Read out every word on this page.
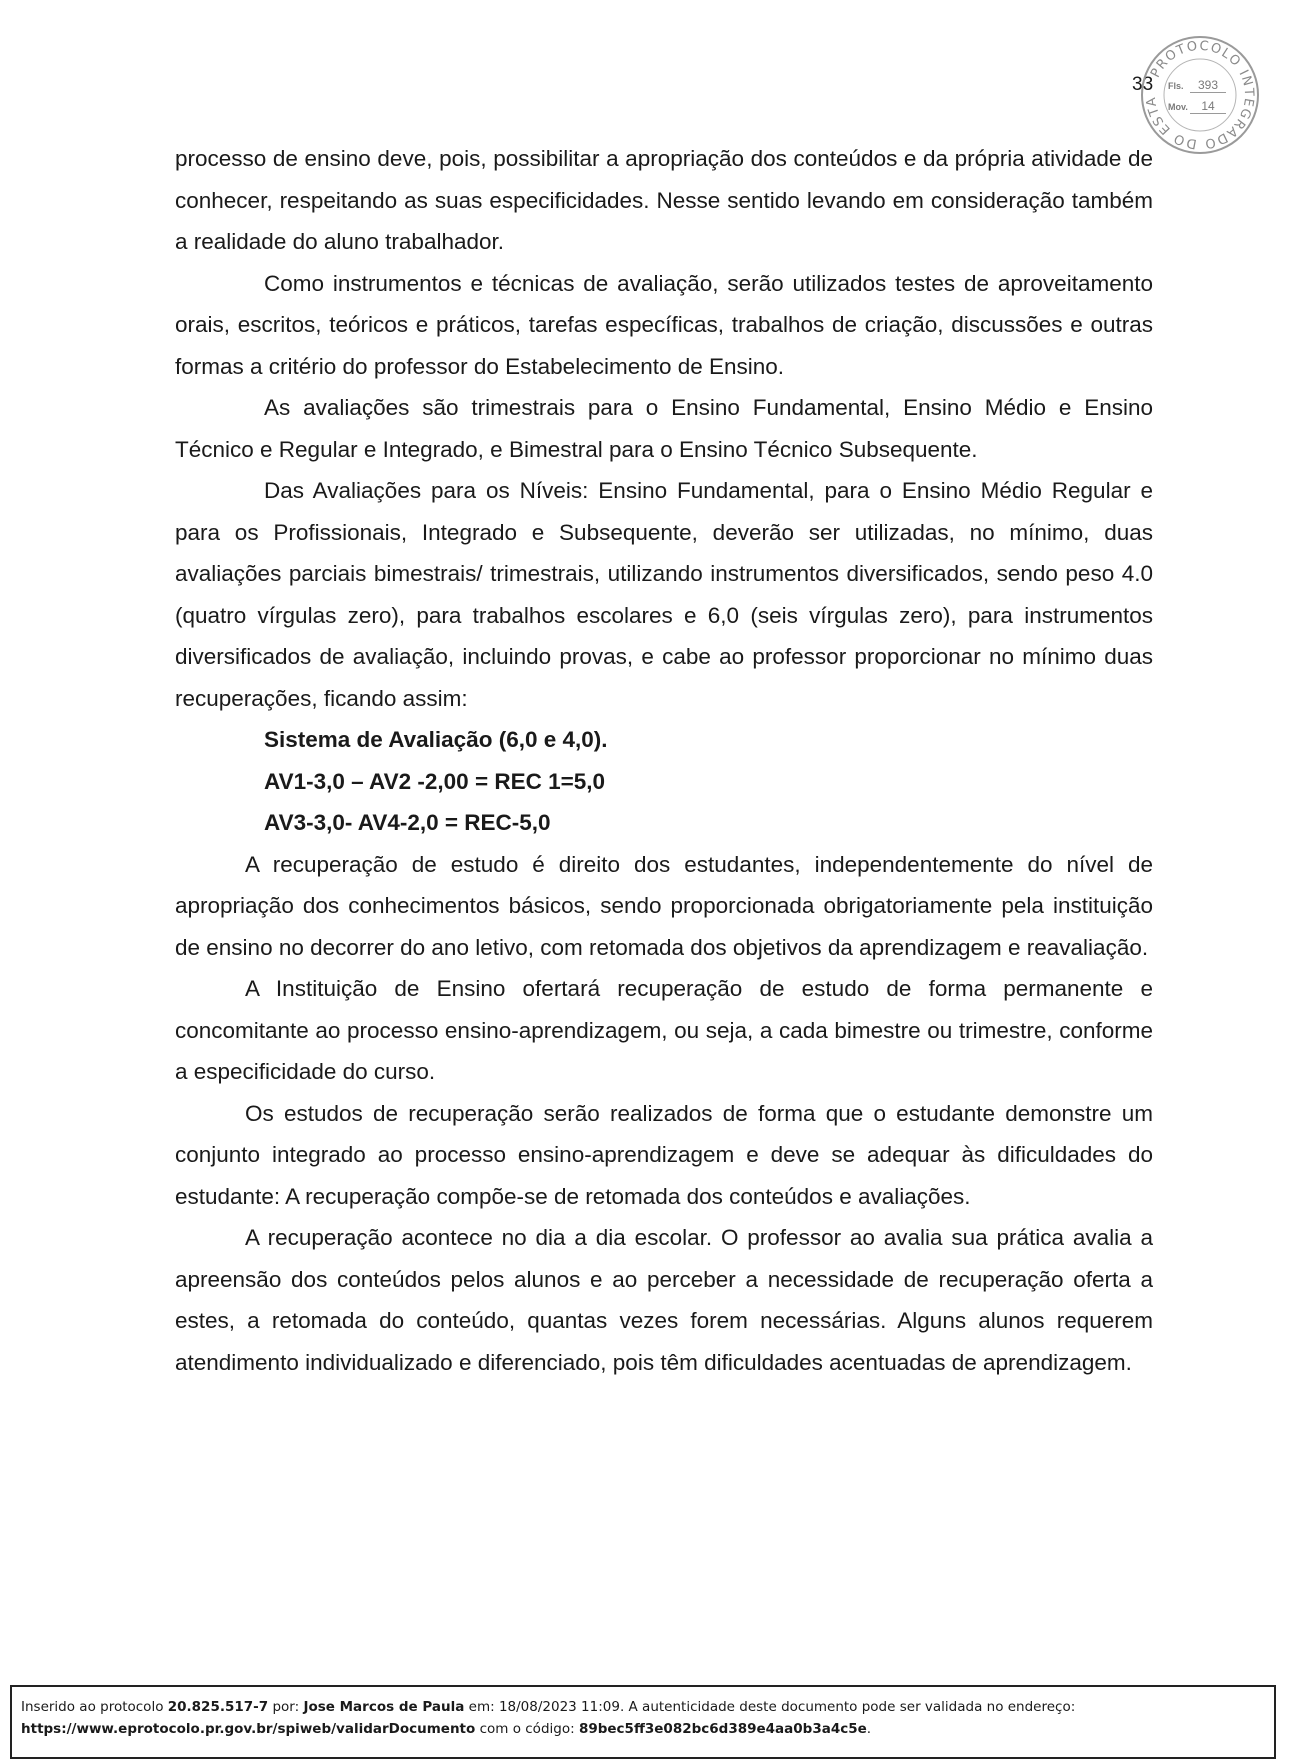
33
PROTOCOLO INTEGRADO DO ESTA
Fls. 393
Mov. 14

processo de ensino deve, pois, possibilitar a apropriação dos conteúdos e da própria atividade de conhecer, respeitando as suas especificidades. Nesse sentido levando em consideração também a realidade do aluno trabalhador.

Como instrumentos e técnicas de avaliação, serão utilizados testes de aproveitamento orais, escritos, teóricos e práticos, tarefas específicas, trabalhos de criação, discussões e outras formas a critério do professor do Estabelecimento de Ensino.

As avaliações são trimestrais para o Ensino Fundamental, Ensino Médio e Ensino Técnico e Regular e Integrado, e Bimestral para o Ensino Técnico Subsequente.

Das Avaliações para os Níveis: Ensino Fundamental, para o Ensino Médio Regular e para os Profissionais, Integrado e Subsequente, deverão ser utilizadas, no mínimo, duas avaliações parciais bimestrais/ trimestrais, utilizando instrumentos diversificados, sendo peso 4.0 (quatro vírgulas zero), para trabalhos escolares e 6,0 (seis vírgulas zero), para instrumentos diversificados de avaliação, incluindo provas, e cabe ao professor proporcionar no mínimo duas recuperações, ficando assim:

Sistema de Avaliação (6,0 e 4,0).

AV1-3,0 – AV2 -2,00 = REC 1=5,0

AV3-3,0- AV4-2,0 = REC-5,0

A recuperação de estudo é direito dos estudantes, independentemente do nível de apropriação dos conhecimentos básicos, sendo proporcionada obrigatoriamente pela instituição de ensino no decorrer do ano letivo, com retomada dos objetivos da aprendizagem e reavaliação.

A Instituição de Ensino ofertará recuperação de estudo de forma permanente e concomitante ao processo ensino-aprendizagem, ou seja, a cada bimestre ou trimestre, conforme a especificidade do curso.

Os estudos de recuperação serão realizados de forma que o estudante demonstre um conjunto integrado ao processo ensino-aprendizagem e deve se adequar às dificuldades do estudante: A recuperação compõe-se de retomada dos conteúdos e avaliações.

A recuperação acontece no dia a dia escolar. O professor ao avalia sua prática avalia a apreensão dos conteúdos pelos alunos e ao perceber a necessidade de recuperação oferta a estes, a retomada do conteúdo, quantas vezes forem necessárias. Alguns alunos requerem atendimento individualizado e diferenciado, pois têm dificuldades acentuadas de aprendizagem.

Inserido ao protocolo 20.825.517-7 por: Jose Marcos de Paula em: 18/08/2023 11:09. A autenticidade deste documento pode ser validada no endereço:
https://www.eprotocolo.pr.gov.br/spiweb/validarDocumento com o código: 89bec5ff3e082bc6d389e4aa0b3a4c5e.
